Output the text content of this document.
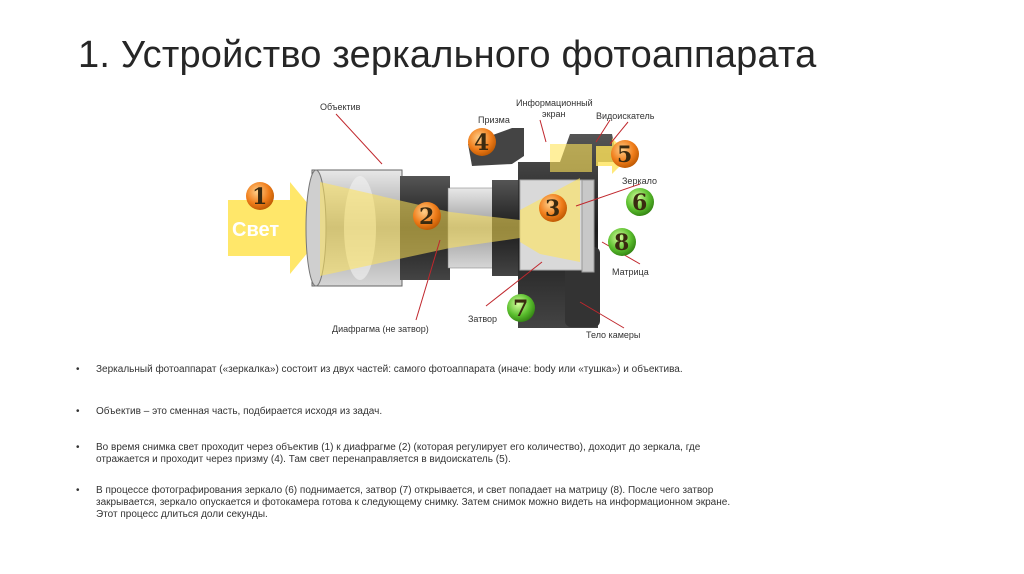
1. Устройство зеркального фотоаппарата
Свет
Объектив	Информационный
экран
Призма	Видоискатель
Зеркало
Матрица
Затвор
Диафрагма (не затвор)
Тело камеры
1
2	3
4	5
6
8
7
• Зеркальный фотоаппарат («зеркалка») состоит из двух частей: самого фотоаппарата (иначе: body или «тушка») и объектива.
• Объектив – это сменная часть, подбирается исходя из задач.
• Во время снимка свет проходит через объектив (1) к диафрагме (2) (которая регулирует его количество), доходит до зеркала, где отражается и проходит через призму (4). Там свет перенаправляется в видоискатель (5).
• В процессе фотографирования зеркало (6) поднимается, затвор (7) открывается, и свет попадает на матрицу (8). После чего затвор закрывается, зеркало опускается и фотокамера готова к следующему снимку. Затем снимок можно видеть на информационном экране. Этот процесс длиться доли секунды.
